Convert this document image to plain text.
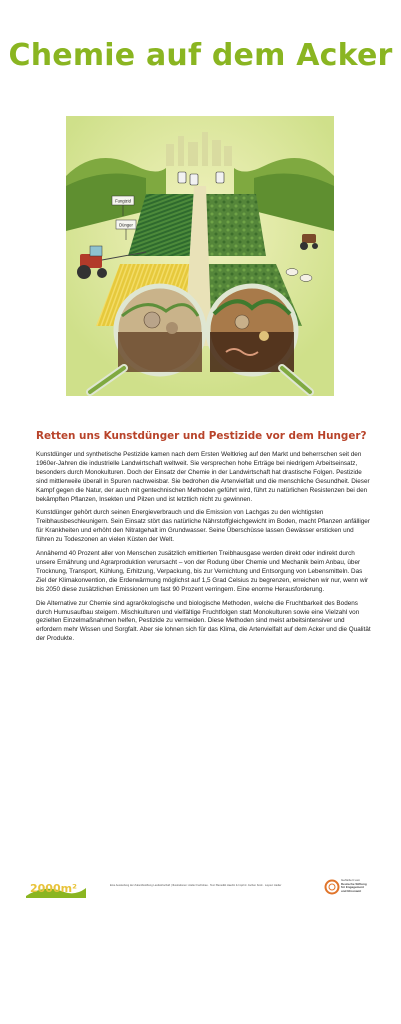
Chemie auf dem Acker
Fungizid
Dünger
Retten uns Kunstdünger und Pestizide vor dem Hunger?

Kunstdünger und synthetische Pestizide kamen nach dem Ersten Weltkrieg auf den Markt und beherrschen seit den 1960er-Jahren die industrielle Landwirtschaft weltweit. Sie versprechen hohe Erträge bei niedrigem Arbeitseinsatz, besonders durch Monokulturen. Doch der Einsatz der Chemie in der Landwirtschaft hat drastische Folgen. Pestizide sind mittlerweile überall in Spuren nachweisbar. Sie bedrohen die Artenvielfalt und die menschliche Gesundheit. Dieser Kampf gegen die Natur, der auch mit gentechnischen Methoden geführt wird, führt zu natürlichen Resistenzen bei den bekämpften Pflanzen, Insekten und Pilzen und ist letztlich nicht zu gewinnen.

Kunstdünger gehört durch seinen Energieverbrauch und die Emission von Lachgas zu den wichtigsten Treibhausbeschleunigern. Sein Einsatz stört das natürliche Nährstoffgleichgewicht im Boden, macht Pflanzen anfälliger für Krankheiten und erhöht den Nitratgehalt im Grundwasser. Seine Überschüsse lassen Gewässer ersticken und führen zu Todeszonen an vielen Küsten der Welt.

Annähernd 40 Prozent aller von Menschen zusätzlich emittierten Treibhausgase werden direkt oder indirekt durch unsere Ernährung und Agrarproduktion verursacht – von der Rodung über Chemie und Mechanik beim Anbau, über Trocknung, Transport, Kühlung, Erhitzung, Verpackung, bis zur Vernichtung und Entsorgung von Lebensmitteln. Das Ziel der Klimakonvention, die Erderwärmung möglichst auf 1,5 Grad Celsius zu begrenzen, erreichen wir nur, wenn wir bis 2050 diese zusätzlichen Emissionen um fast 90 Prozent verringern. Eine enorme Herausforderung.

Die Alternative zur Chemie sind agrarökologische und biologische Methoden, welche die Fruchtbarkeit des Bodens durch Humusaufbau steigern. Mischkulturen und vielfältige Fruchtfolgen statt Monokulturen sowie eine Vielzahl von gezielten Einzelmaßnahmen helfen, Pestizide zu vermeiden. Diese Methoden sind meist arbeitsintensiver und erfordern mehr Wissen und Sorgfalt. Aber sie lohnen sich für das Klima, die Artenvielfalt auf dem Acker und die Qualität der Produkte.

2000m²	Eine Ausstellung der Zukunftsstiftung Landwirtschaft | Illustrationen: Atelier Fuchsbau · Text: Benedikt Haerlin & Imprint: Jochen Kock · Layout: Atelier
Gefördert vom
Deutsche Stiftung
für Engagement
und Ehrenamt
